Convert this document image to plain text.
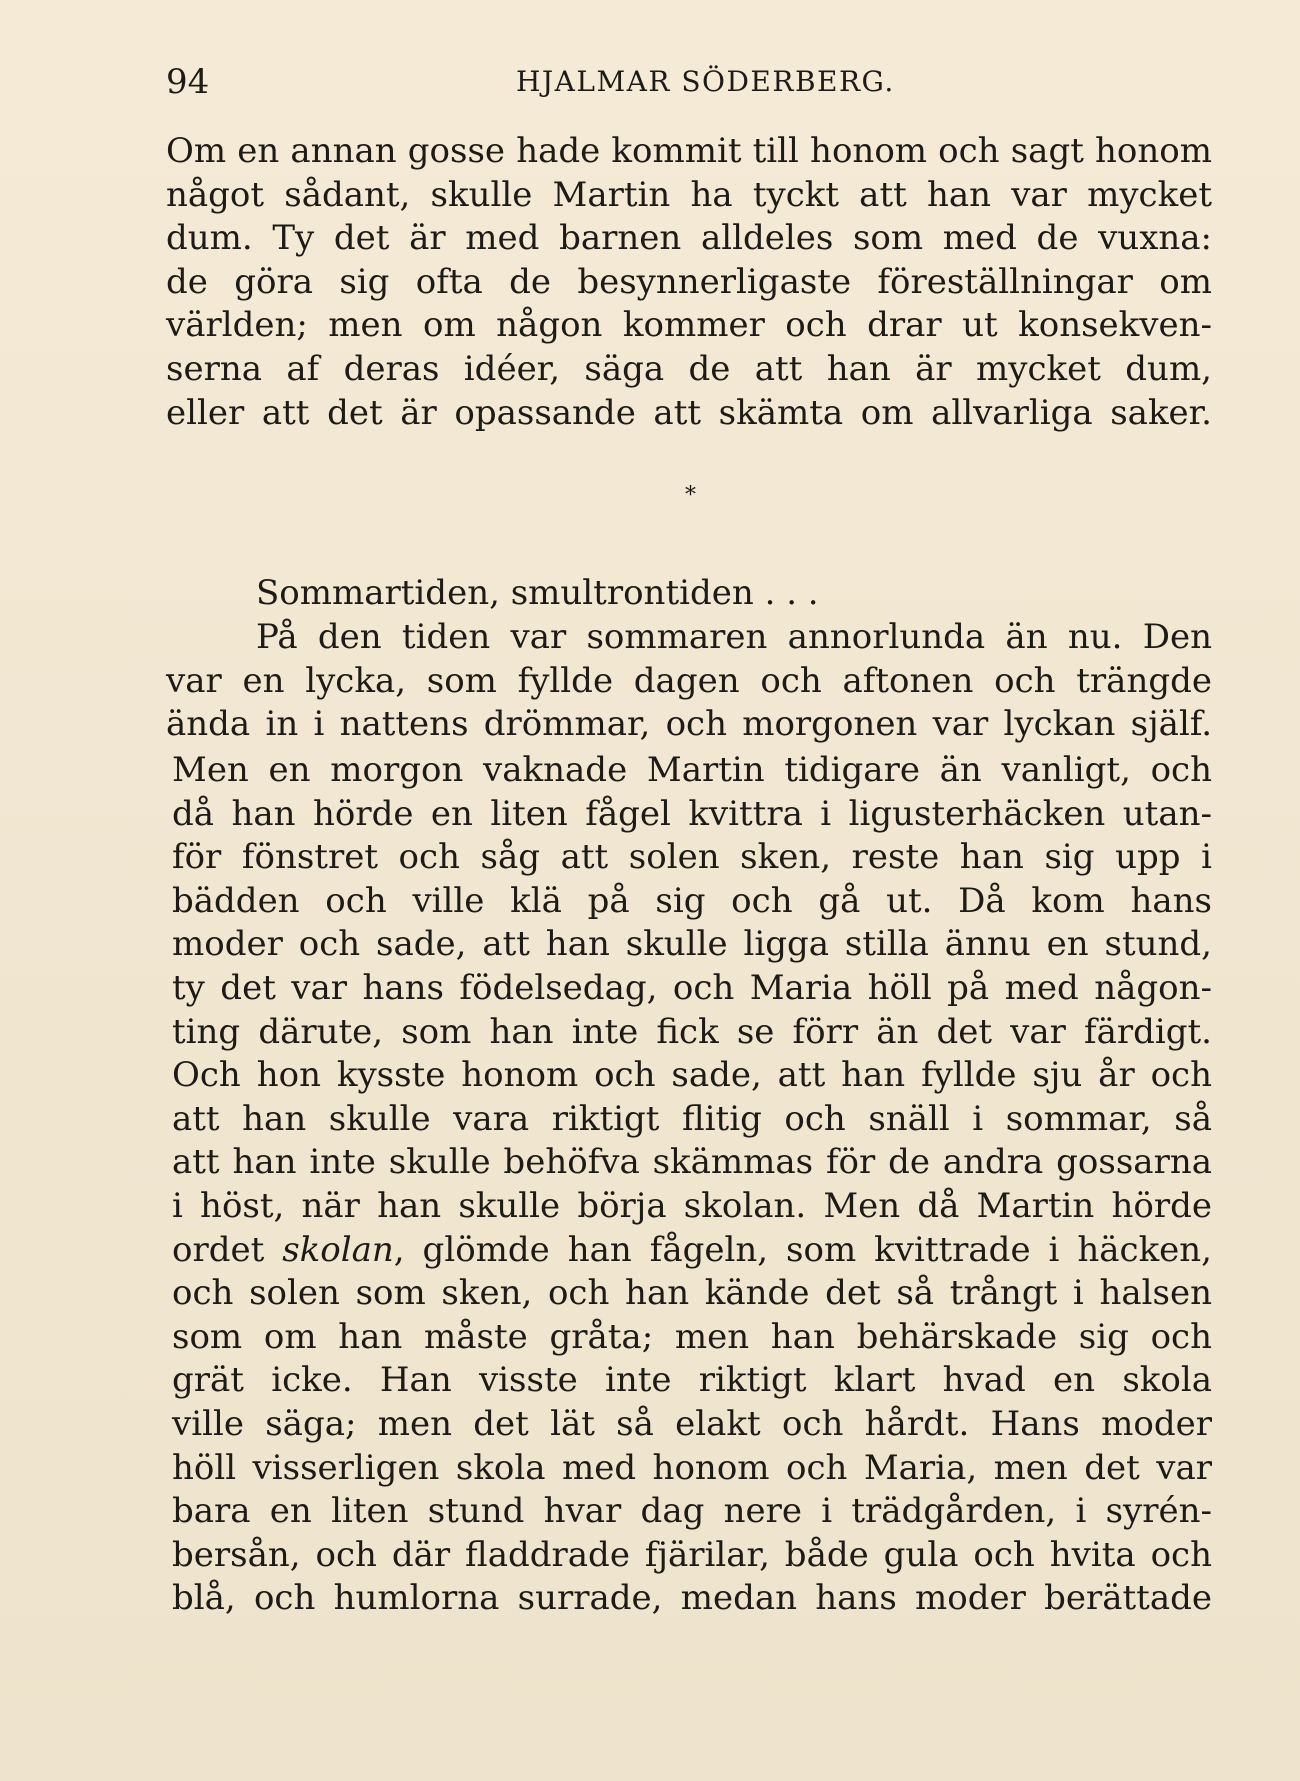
94	HJALMAR SÖDERBERG.
Om en annan gosse hade kommit till honom och sagt honom
något sådant, skulle Martin ha tyckt att han var mycket
dum. Ty det är med barnen alldeles som med de vuxna:
de göra sig ofta de besynnerligaste föreställningar om
världen; men om någon kommer och drar ut konsekven-
serna af deras idéer, säga de att han är mycket dum,
eller att det är opassande att skämta om allvarliga saker.
*
Sommartiden, smultrontiden . . .
På den tiden var sommaren annorlunda än nu. Den
var en lycka, som fyllde dagen och aftonen och trängde
ända in i nattens drömmar, och morgonen var lyckan själf.
Men en morgon vaknade Martin tidigare än vanligt, och
då han hörde en liten fågel kvittra i ligusterhäcken utan-
för fönstret och såg att solen sken, reste han sig upp i
bädden och ville klä på sig och gå ut. Då kom hans
moder och sade, att han skulle ligga stilla ännu en stund,
ty det var hans födelsedag, och Maria höll på med någon-
ting därute, som han inte fick se förr än det var färdigt.
Och hon kysste honom och sade, att han fyllde sju år och
att han skulle vara riktigt flitig och snäll i sommar, så
att han inte skulle behöfva skämmas för de andra gossarna
i höst, när han skulle börja skolan. Men då Martin hörde
ordet skolan, glömde han fågeln, som kvittrade i häcken,
och solen som sken, och han kände det så trångt i halsen
som om han måste gråta; men han behärskade sig och
grät icke. Han visste inte riktigt klart hvad en skola
ville säga; men det lät så elakt och hårdt. Hans moder
höll visserligen skola med honom och Maria, men det var
bara en liten stund hvar dag nere i trädgården, i syrén-
bersån, och där fladdrade fjärilar, både gula och hvita och
blå, och humlorna surrade, medan hans moder berättade
